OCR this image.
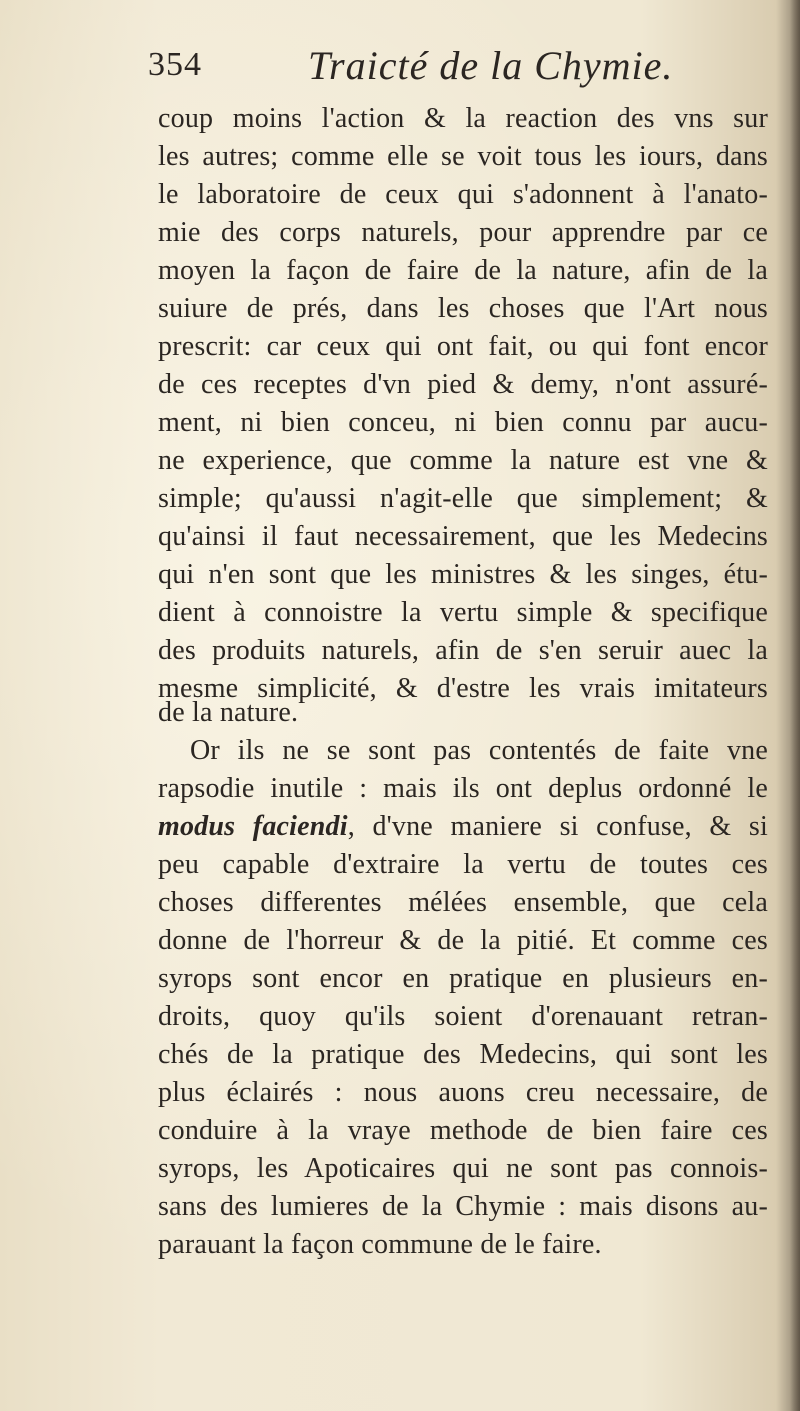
354	Traicté de la Chymie.
coup moins l'action & la reaction des vns sur
les autres; comme elle se voit tous les iours, dans
le laboratoire de ceux qui s'adonnent à l'anato-
mie des corps naturels, pour apprendre par ce
moyen la façon de faire de la nature, afin de la
suiure de prés, dans les choses que l'Art nous
prescrit: car ceux qui ont fait, ou qui font encor
de ces receptes d'vn pied & demy, n'ont assuré-
ment, ni bien conceu, ni bien connu par aucu-
ne experience, que comme la nature est vne &
simple; qu'aussi n'agit-elle que simplement; &
qu'ainsi il faut necessairement, que les Medecins
qui n'en sont que les ministres & les singes, étu-
dient à connoistre la vertu simple & specifique
des produits naturels, afin de s'en seruir auec la
mesme simplicité, & d'estre les vrais imitateurs
de la nature.
Or ils ne se sont pas contentés de faite vne
rapsodie inutile : mais ils ont deplus ordonné le
modus faciendi, d'vne maniere si confuse, & si
peu capable d'extraire la vertu de toutes ces
choses differentes mélées ensemble, que cela
donne de l'horreur & de la pitié. Et comme ces
syrops sont encor en pratique en plusieurs en-
droits, quoy qu'ils soient d'orenauant retran-
chés de la pratique des Medecins, qui sont les
plus éclairés : nous auons creu necessaire, de
conduire à la vraye methode de bien faire ces
syrops, les Apoticaires qui ne sont pas connois-
sans des lumieres de la Chymie : mais disons au-
parauant la façon commune de le faire.
